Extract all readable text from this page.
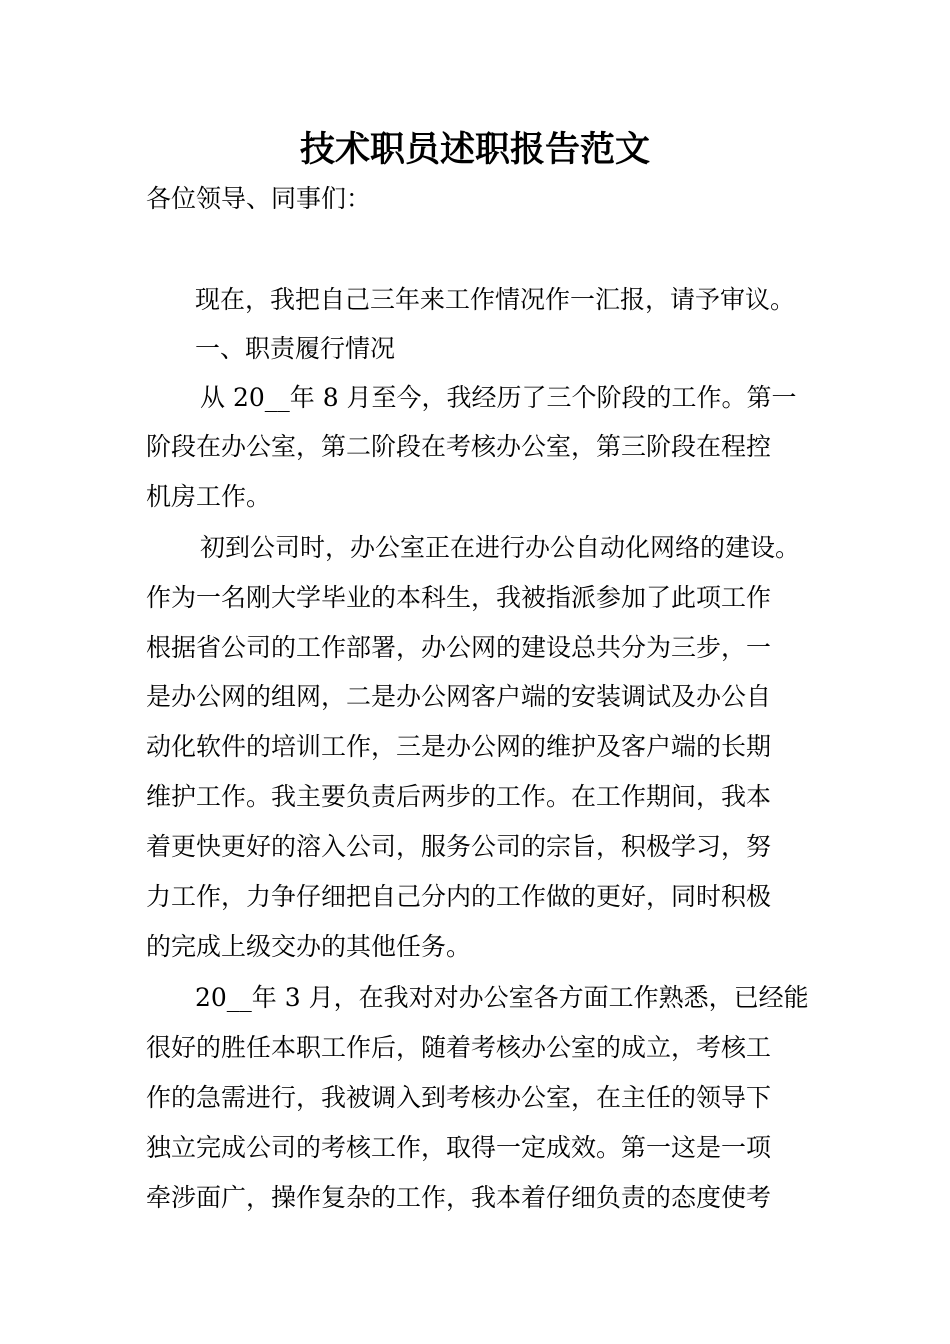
技术职员述职报告范文
各位领导、同事们：
现在，我把自己三年来工作情况作一汇报，请予审议。
一、职责履行情况
从 20__年 8 月至今，我经历了三个阶段的工作。第一
阶段在办公室，第二阶段在考核办公室，第三阶段在程控
机房工作。
初到公司时，办公室正在进行办公自动化网络的建设。
作为一名刚大学毕业的本科生，我被指派参加了此项工作
根据省公司的工作部署，办公网的建设总共分为三步，一
是办公网的组网，二是办公网客户端的安装调试及办公自
动化软件的培训工作，三是办公网的维护及客户端的长期
维护工作。我主要负责后两步的工作。在工作期间，我本
着更快更好的溶入公司，服务公司的宗旨，积极学习，努
力工作，力争仔细把自己分内的工作做的更好，同时积极
的完成上级交办的其他任务。
20__年 3 月，在我对对办公室各方面工作熟悉，已经能
很好的胜任本职工作后，随着考核办公室的成立，考核工
作的急需进行，我被调入到考核办公室，在主任的领导下
独立完成公司的考核工作，取得一定成效。第一这是一项
牵涉面广，操作复杂的工作，我本着仔细负责的态度使考
